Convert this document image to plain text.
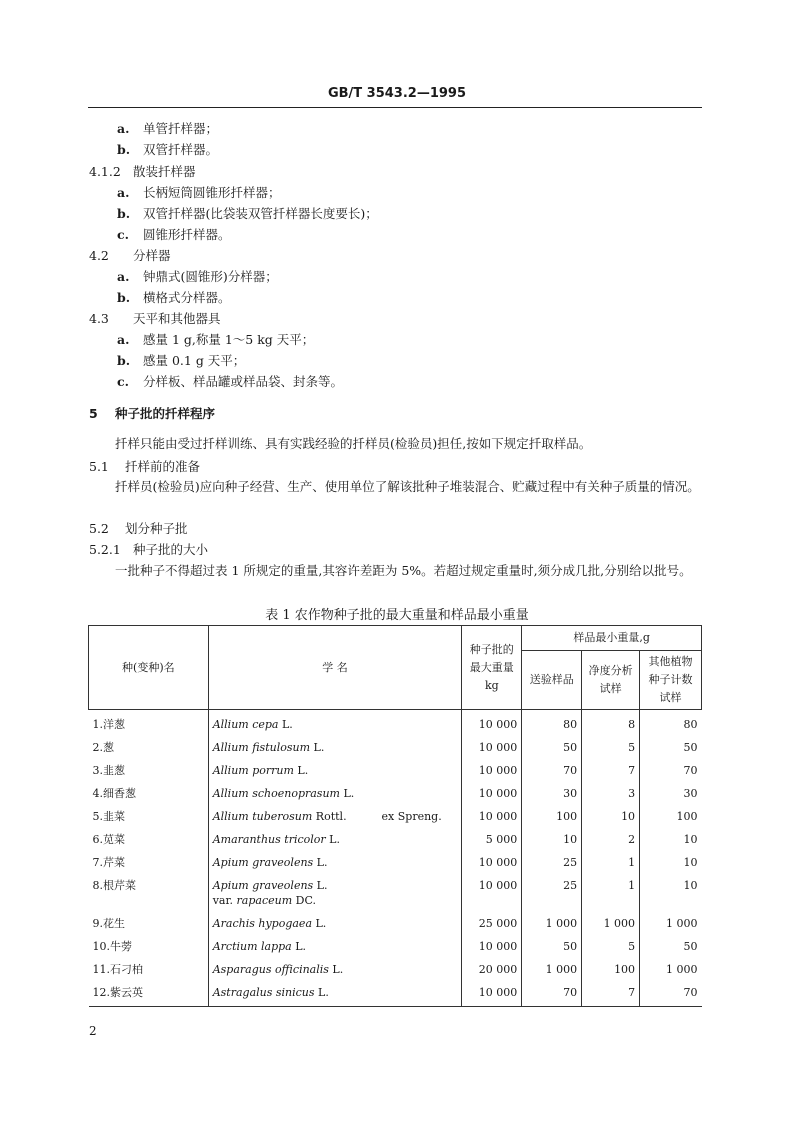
GB/T 3543.2—1995
a. 单管扦样器；
b. 双管扦样器。
4.1.2 散装扦样器
a. 长柄短筒圆锥形扦样器；
b. 双管扦样器(比袋装双管扦样器长度要长)；
c. 圆锥形扦样器。
4.2 分样器
a. 钟鼎式(圆锥形)分样器；
b. 横格式分样器。
4.3 天平和其他器具
a. 感量 1 g,称量 1～5 kg 天平；
b. 感量 0.1 g 天平；
c. 分样板、样品罐或样品袋、封条等。
5 种子批的扦样程序
扦样只能由受过扦样训练、具有实践经验的扦样员(检验员)担任,按如下规定扦取样品。
5.1 扦样前的准备
扦样员(检验员)应向种子经营、生产、使用单位了解该批种子堆装混合、贮藏过程中有关种子质量的情况。
5.2 划分种子批
5.2.1 种子批的大小
一批种子不得超过表 1 所规定的重量,其容许差距为 5%。若超过规定重量时,须分成几批,分别给以批号。
表 1 农作物种子批的最大重量和样品最小重量
种(变种)名	学 名	种子批的最大重量 kg	样品最小重量,g		
			送验样品	净度分析试样	其他植物种子计数试样
1.洋葱	Allium cepa L.	10 000	80	8	80
2.葱	Allium fistulosum L.	10 000	50	5	50
3.韭葱	Allium porrum L.	10 000	70	7	70
4.细香葱	Allium schoenoprasum L.	10 000	30	3	30
5.韭菜	Allium tuberosum Rottl.          ex Spreng.	10 000	100	10	100
6.苋菜	Amaranthus tricolor L.	5 000	10	2	10
7.芹菜	Apium graveolens L.	10 000	25	1	10
8.根芹菜	Apium graveolens L.
var. rapaceum DC.	10 000	25	1	10
9.花生	Arachis hypogaea L.	25 000	1 000	1 000	1 000
10.牛蒡	Arctium lappa L.	10 000	50	5	50
11.石刁柏	Asparagus officinalis L.	20 000	1 000	100	1 000
12.紫云英	Astragalus sinicus L.	10 000	70	7	70
2
